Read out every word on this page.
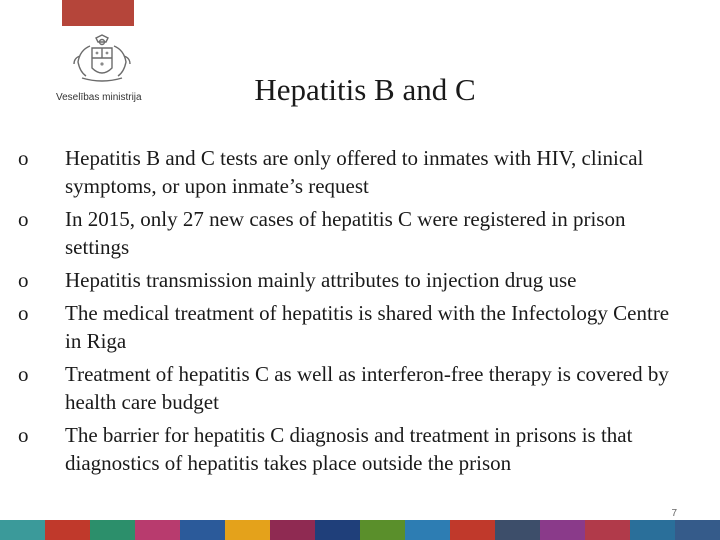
Veselības ministrija	Hepatitis B and C
o	Hepatitis B and C tests are only offered to inmates with HIV, clinical symptoms, or upon inmate’s request
o	In 2015, only 27 new cases of hepatitis C were registered in prison settings
o	Hepatitis transmission mainly attributes to injection drug use
o	The medical treatment of hepatitis is shared with the Infectology Centre in Riga
o	Treatment of hepatitis C as well as interferon-free therapy is covered by health care budget
o	The barrier for hepatitis C diagnosis and treatment in prisons is that diagnostics of hepatitis takes place outside the prison
7
